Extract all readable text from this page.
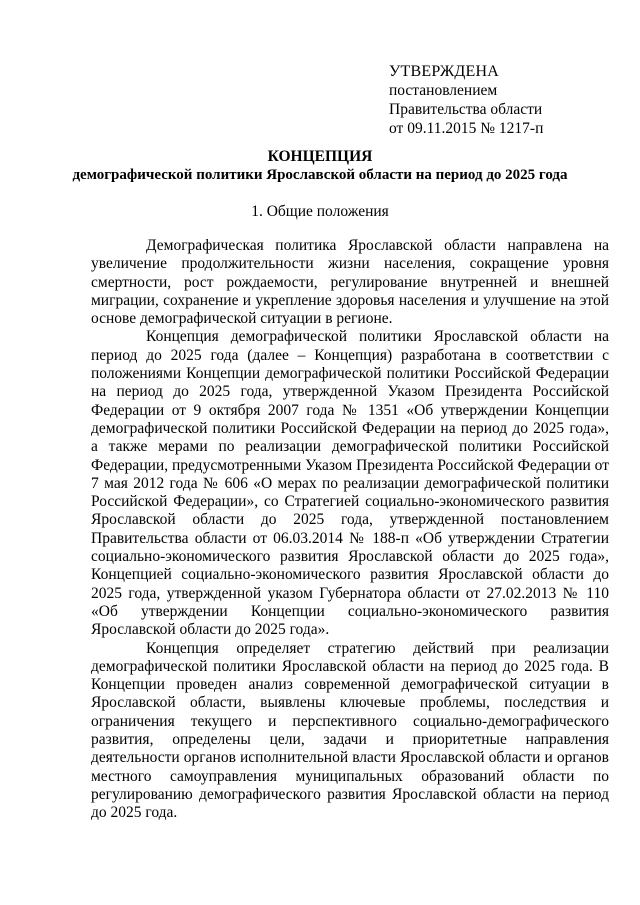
УТВЕРЖДЕНА
постановлением
Правительства области
от 09.11.2015 № 1217-п
КОНЦЕПЦИЯ
демографической политики Ярославской области на период до 2025 года
1. Общие положения

Демографическая политика Ярославской области направлена на увеличение продолжительности жизни населения, сокращение уровня смертности, рост рождаемости, регулирование внутренней и внешней миграции, сохранение и укрепление здоровья населения и улучшение на этой основе демографической ситуации в регионе.

Концепция демографической политики Ярославской области на период до 2025 года (далее – Концепция) разработана в соответствии с положениями Концепции демографической политики Российской Федерации на период до 2025 года, утвержденной Указом Президента Российской Федерации от 9 октября 2007 года № 1351 «Об утверждении Концепции демографической политики Российской Федерации на период до 2025 года», а также мерами по реализации демографической политики Российской Федерации, предусмотренными Указом Президента Российской Федерации от 7 мая 2012 года № 606 «О мерах по реализации демографической политики Российской Федерации», со Стратегией социально-экономического развития Ярославской области до 2025 года, утвержденной постановлением Правительства области от 06.03.2014 № 188-п «Об утверждении Стратегии социально-экономического развития Ярославской области до 2025 года», Концепцией социально-экономического развития Ярославской области до 2025 года, утвержденной указом Губернатора области от 27.02.2013 № 110 «Об утверждении Концепции социально-экономического развития Ярославской области до 2025 года».

Концепция определяет стратегию действий при реализации демографической политики Ярославской области на период до 2025 года. В Концепции проведен анализ современной демографической ситуации в Ярославской области, выявлены ключевые проблемы, последствия и ограничения текущего и перспективного социально-демографического развития, определены цели, задачи и приоритетные направления деятельности органов исполнительной власти Ярославской области и органов местного самоуправления муниципальных образований области по регулированию демографического развития Ярославской области на период до 2025 года.
